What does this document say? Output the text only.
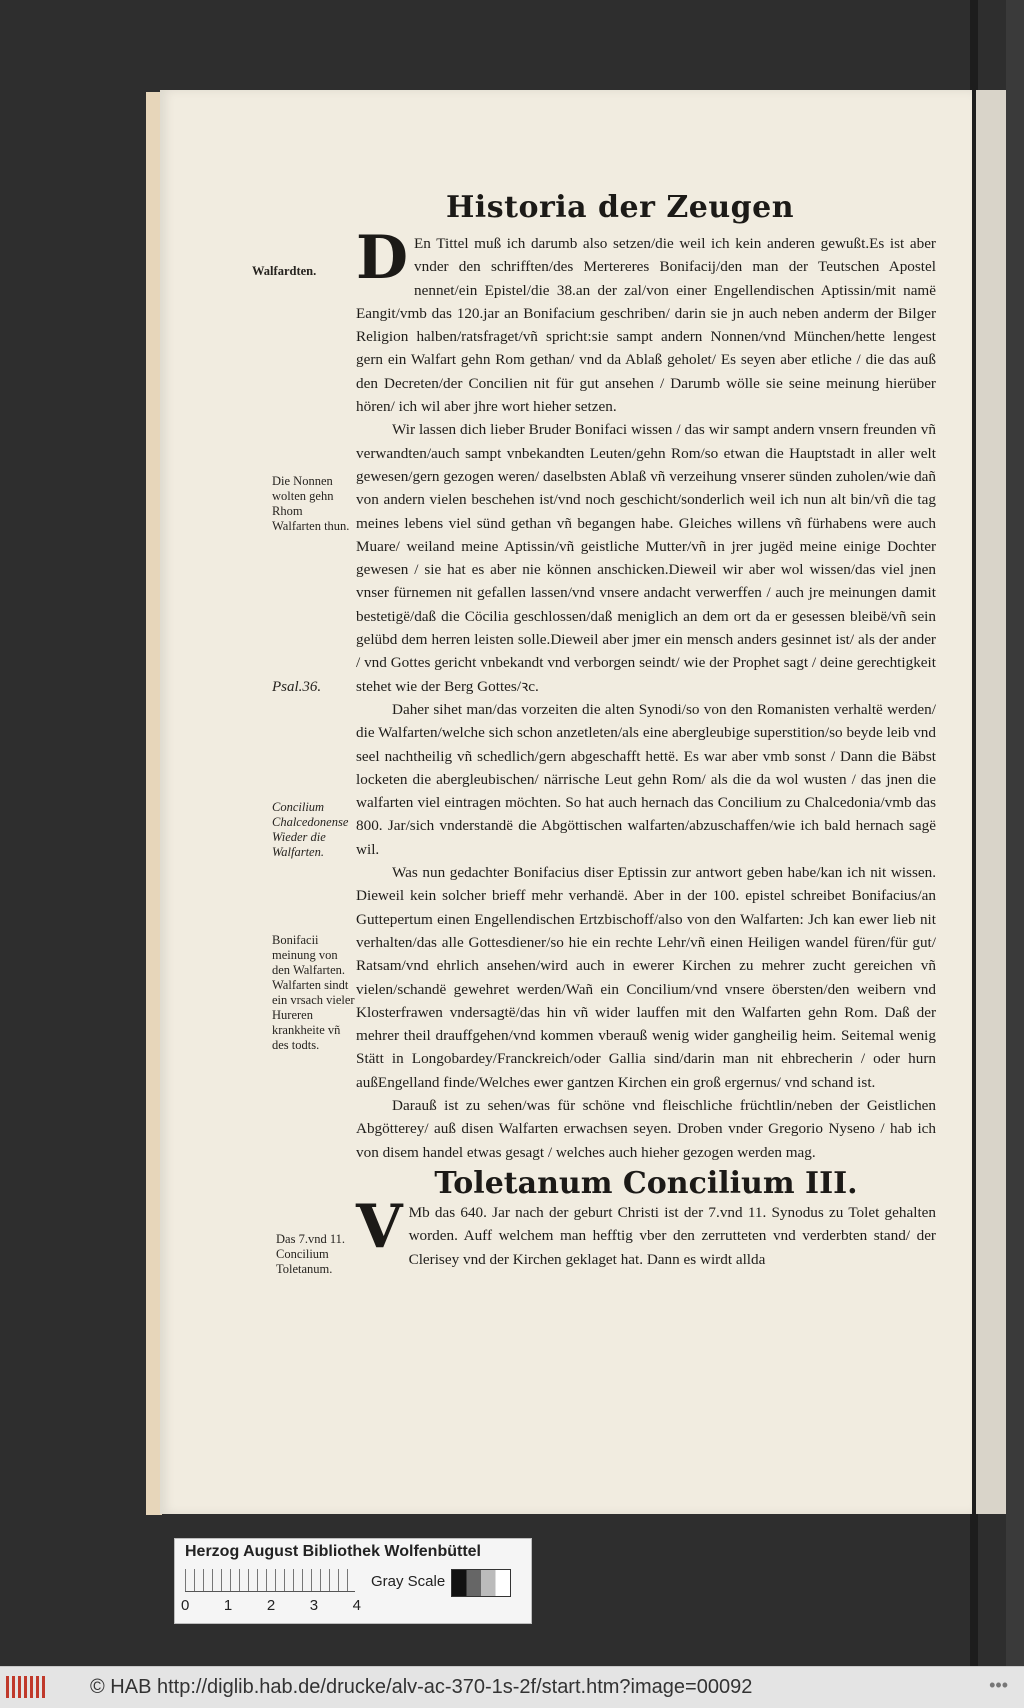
Historia der Zeugen

D En Tittel muß ich darumb also setzen/die weil ich kein anderen gewußt.Es ist aber vnder den schrifften/des Mertereres Bonifacij/den man der Teutschen Apostel nennet/ein Epistel/die 38.an der zal/von einer Engellendischen Aptissin/mit namë Eangit/vmb das 120.jar an Bonifacium geschriben/ darin sie jn auch neben anderm der Bilger Religion halben/ratsfraget/vñ spricht:sie sampt andern Nonnen/vnd München/hette lengest gern ein Walfart gehn Rom gethan/ vnd da Ablaß geholet/ Es seyen aber etliche / die das auß den Decreten/der Concilien nit für gut ansehen / Darumb wölle sie seine meinung hierüber hören/ ich wil aber jhre wort hieher setzen.

Wir lassen dich lieber Bruder Bonifaci wissen / das wir sampt andern vnsern freunden vñ verwandten/auch sampt vnbekandten Leuten/gehn Rom/so etwan die Hauptstadt in aller welt gewesen/gern gezogen weren/ daselbsten Ablaß vñ verzeihung vnserer sünden zuholen/wie dañ von andern vielen beschehen ist/vnd noch geschicht/sonderlich weil ich nun alt bin/vñ die tag meines lebens viel sünd gethan vñ begangen habe. Gleiches willens vñ fürhabens were auch Muare/ weiland meine Aptissin/vñ geistliche Mutter/vñ in jrer jugëd meine einige Dochter gewesen / sie hat es aber nie können anschicken.Dieweil wir aber wol wissen/das viel jnen vnser fürnemen nit gefallen lassen/vnd vnsere andacht verwerffen / auch jre meinungen damit bestetigë/daß die Cöcilia geschlossen/daß meniglich an dem ort da er gesessen bleibë/vñ sein gelübd dem herren leisten solle.Dieweil aber jmer ein mensch anders gesinnet ist/ als der ander / vnd Gottes gericht vnbekandt vnd verborgen seindt/ wie der Prophet sagt / deine gerechtigkeit stehet wie der Berg Gottes/ꝛc.

Daher sihet man/das vorzeiten die alten Synodi/so von den Romanisten verhaltë werden/ die Walfarten/welche sich schon anzetleten/als eine abergleubige superstition/so beyde leib vnd seel nachtheilig vñ schedlich/gern abgeschafft hettë. Es war aber vmb sonst / Dann die Bäbst locketen die abergleubischen/ närrische Leut gehn Rom/ als die da wol wusten / das jnen die walfarten viel eintragen möchten. So hat auch hernach das Concilium zu Chalcedonia/vmb das 800. Jar/sich vnderstandë die Abgöttischen walfarten/abzuschaffen/wie ich bald hernach sagë wil.

Was nun gedachter Bonifacius diser Eptissin zur antwort geben habe/kan ich nit wissen. Dieweil kein solcher brieff mehr verhandë. Aber in der 100. epistel schreibet Bonifacius/an Guttepertum einen Engellendischen Ertzbischoff/also von den Walfarten: Jch kan ewer lieb nit verhalten/das alle Gottesdiener/so hie ein rechte Lehr/vñ einen Heiligen wandel füren/für gut/ Ratsam/vnd ehrlich ansehen/wird auch in ewerer Kirchen zu mehrer zucht gereichen vñ vielen/schandë gewehret werden/Wañ ein Concilium/vnd vnsere öbersten/den weibern vnd Klosterfrawen vndersagtë/das hin vñ wider lauffen mit den Walfarten gehn Rom. Daß der mehrer theil drauffgehen/vnd kommen vberauß wenig wider gangheilig heim. Seitemal wenig Stätt in Longobardey/Franckreich/oder Gallia sind/darin man nit ehbrecherin / oder hurn außEngelland finde/Welches ewer gantzen Kirchen ein groß ergernus/ vnd schand ist.

Darauß ist zu sehen/was für schöne vnd fleischliche früchtlin/neben der Geistlichen Abgötterey/ auß disen Walfarten erwachsen seyen. Droben vnder Gregorio Nyseno / hab ich von disem handel etwas gesagt / welches auch hieher gezogen werden mag.

Toletanum Concilium III.

V Mb das 640. Jar nach der geburt Christi ist der 7.vnd 11. Synodus zu Tolet gehalten worden. Auff welchem man hefftig vber den zerrutteten vnd verderbten stand/ der Clerisey vnd der Kirchen geklaget hat. Dann es wirdt allda

Walfardten.
Die Nonnen wolten gehn Rhom Walfarten thun.
Psal.36.
Concilium Chalcedonense Wieder die Walfarten.
Bonifacii meinung von den Walfarten. Walfarten sindt ein vrsach vieler Hureren krankheite vñ des todts.
Das 7.vnd 11. Concilium Toletanum.
Herzog August Bibliothek Wolfenbüttel
0 1 2 3 4
Gray Scale
© HAB http://diglib.hab.de/drucke/alv-ac-370-1s-2f/start.htm?image=00092	•••
